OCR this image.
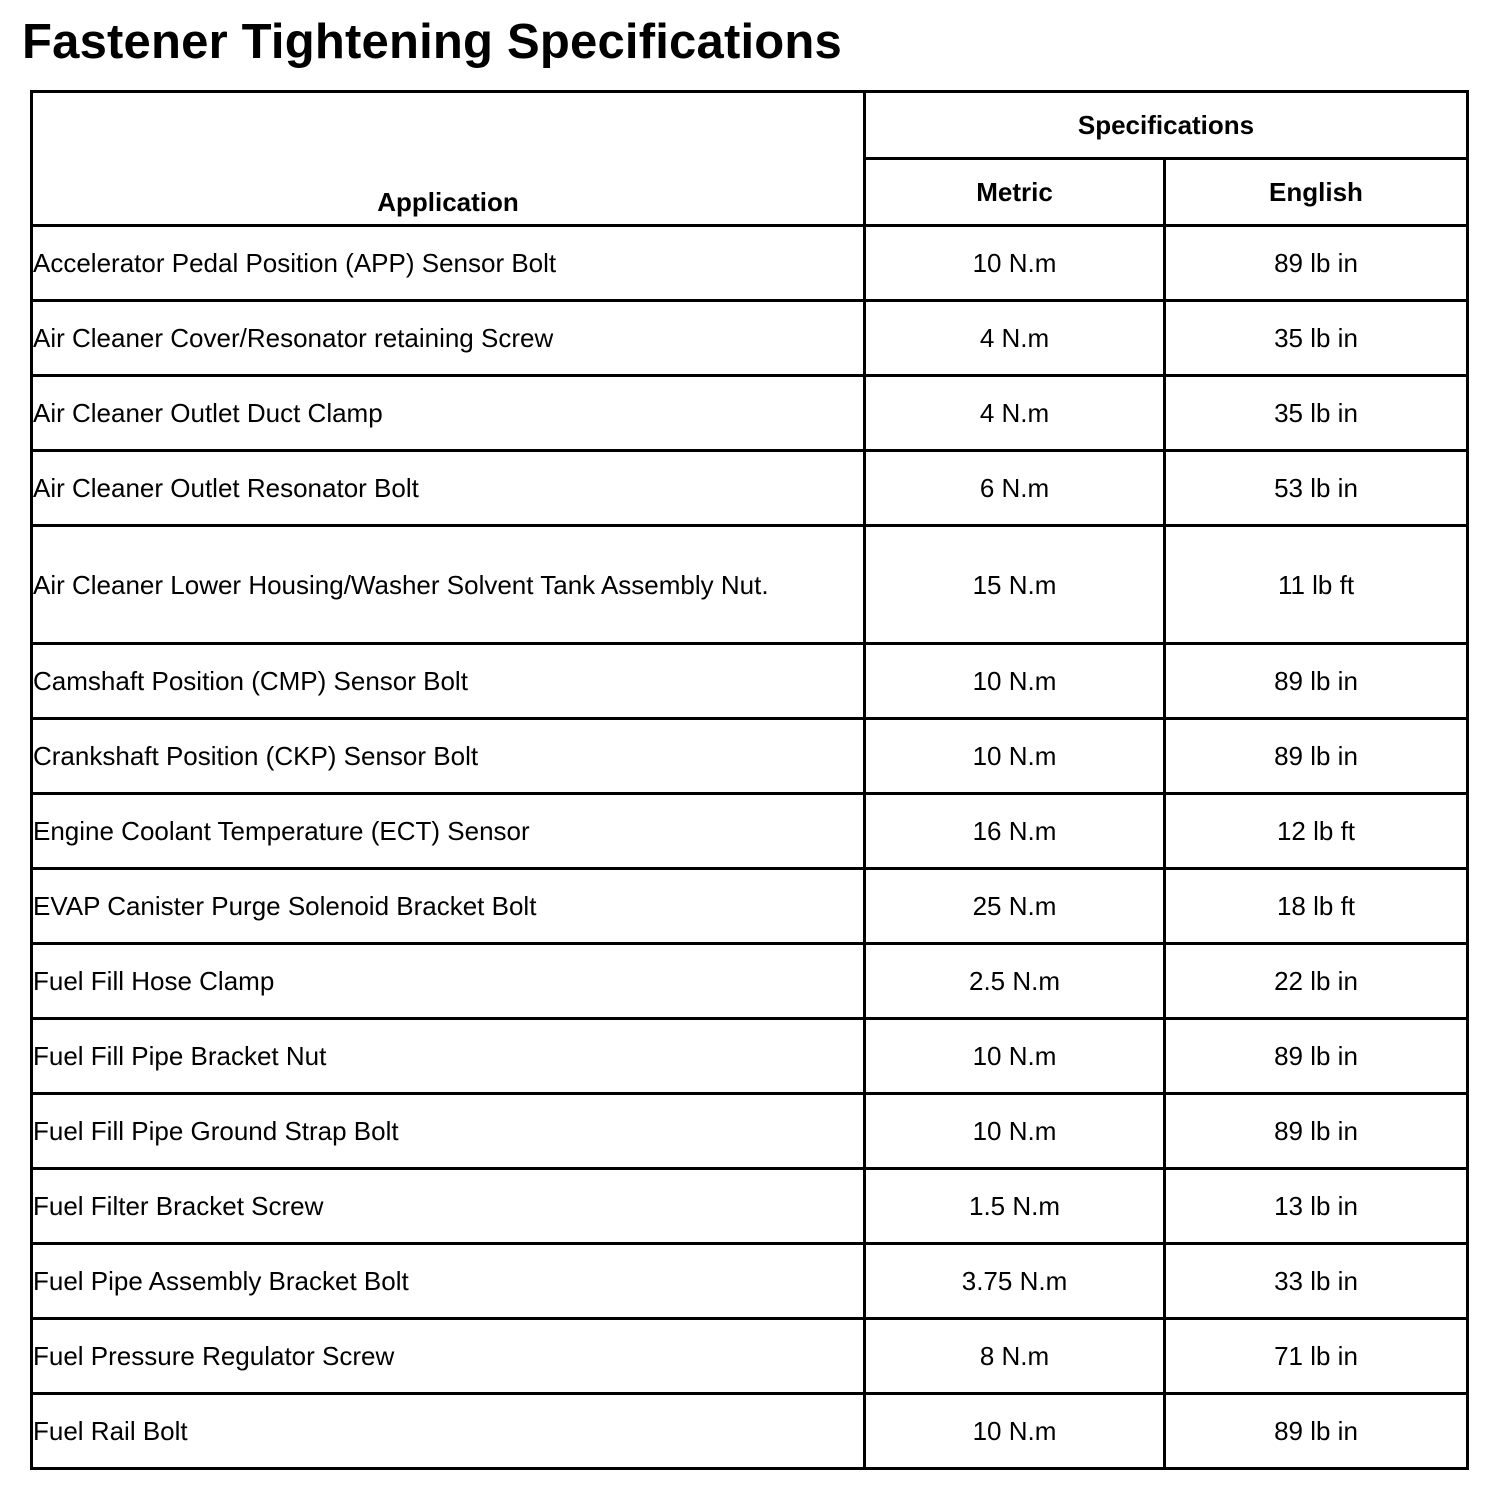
Fastener Tightening Specifications
Application	Specifications	
	Metric	English
Accelerator Pedal Position (APP) Sensor Bolt	10 N.m	89 lb in
Air Cleaner Cover/Resonator retaining Screw	4 N.m	35 lb in
Air Cleaner Outlet Duct Clamp	4 N.m	35 lb in
Air Cleaner Outlet Resonator Bolt	6 N.m	53 lb in
Air Cleaner Lower Housing/Washer Solvent Tank Assembly Nut.	15 N.m	11 lb ft
Camshaft Position (CMP) Sensor Bolt	10 N.m	89 lb in
Crankshaft Position (CKP) Sensor Bolt	10 N.m	89 lb in
Engine Coolant Temperature (ECT) Sensor	16 N.m	12 lb ft
EVAP Canister Purge Solenoid Bracket Bolt	25 N.m	18 lb ft
Fuel Fill Hose Clamp	2.5 N.m	22 lb in
Fuel Fill Pipe Bracket Nut	10 N.m	89 lb in
Fuel Fill Pipe Ground Strap Bolt	10 N.m	89 lb in
Fuel Filter Bracket Screw	1.5 N.m	13 lb in
Fuel Pipe Assembly Bracket Bolt	3.75 N.m	33 lb in
Fuel Pressure Regulator Screw	8 N.m	71 lb in
Fuel Rail Bolt	10 N.m	89 lb in
